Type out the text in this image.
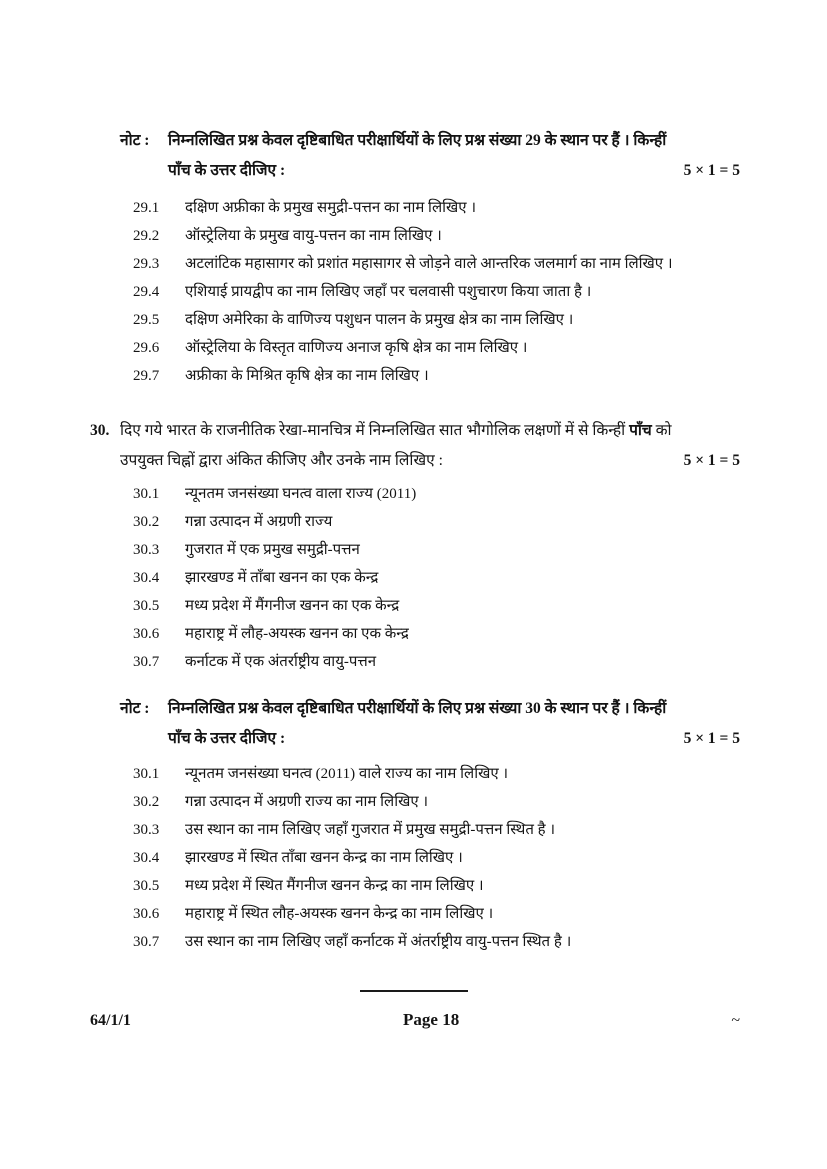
नोट :	निम्नलिखित प्रश्न केवल दृष्टिबाधित परीक्षार्थियों के लिए प्रश्न संख्या 29 के स्थान पर हैं । किन्हीं
पाँच के उत्तर दीजिए :	5 × 1 = 5
29.1	दक्षिण अफ्रीका के प्रमुख समुद्री-पत्तन का नाम लिखिए ।
29.2	ऑस्ट्रेलिया के प्रमुख वायु-पत्तन का नाम लिखिए ।
29.3	अटलांटिक महासागर को प्रशांत महासागर से जोड़ने वाले आन्तरिक जलमार्ग का नाम लिखिए ।
29.4	एशियाई प्रायद्वीप का नाम लिखिए जहाँ पर चलवासी पशुचारण किया जाता है ।
29.5	दक्षिण अमेरिका के वाणिज्य पशुधन पालन के प्रमुख क्षेत्र का नाम लिखिए ।
29.6	ऑस्ट्रेलिया के विस्तृत वाणिज्य अनाज कृषि क्षेत्र का नाम लिखिए ।
29.7	अफ्रीका के मिश्रित कृषि क्षेत्र का नाम लिखिए ।
30. दिए गये भारत के राजनीतिक रेखा-मानचित्र में निम्नलिखित सात भौगोलिक लक्षणों में से किन्हीं पाँच को
उपयुक्त चिह्नों द्वारा अंकित कीजिए और उनके नाम लिखिए :	5 × 1 = 5
30.1	न्यूनतम जनसंख्या घनत्व वाला राज्य (2011)
30.2	गन्ना उत्पादन में अग्रणी राज्य
30.3	गुजरात में एक प्रमुख समुद्री-पत्तन
30.4	झारखण्ड में ताँबा खनन का एक केन्द्र
30.5	मध्य प्रदेश में मैंगनीज खनन का एक केन्द्र
30.6	महाराष्ट्र में लौह-अयस्क खनन का एक केन्द्र
30.7	कर्नाटक में एक अंतर्राष्ट्रीय वायु-पत्तन
नोट :	निम्नलिखित प्रश्न केवल दृष्टिबाधित परीक्षार्थियों के लिए प्रश्न संख्या 30 के स्थान पर हैं । किन्हीं
पाँच के उत्तर दीजिए :	5 × 1 = 5
30.1	न्यूनतम जनसंख्या घनत्व (2011) वाले राज्य का नाम लिखिए ।
30.2	गन्ना उत्पादन में अग्रणी राज्य का नाम लिखिए ।
30.3	उस स्थान का नाम लिखिए जहाँ गुजरात में प्रमुख समुद्री-पत्तन स्थित है ।
30.4	झारखण्ड में स्थित ताँबा खनन केन्द्र का नाम लिखिए ।
30.5	मध्य प्रदेश में स्थित मैंगनीज खनन केन्द्र का नाम लिखिए ।
30.6	महाराष्ट्र में स्थित लौह-अयस्क खनन केन्द्र का नाम लिखिए ।
30.7	उस स्थान का नाम लिखिए जहाँ कर्नाटक में अंतर्राष्ट्रीय वायु-पत्तन स्थित है ।
64/1/1	Page 18	~
